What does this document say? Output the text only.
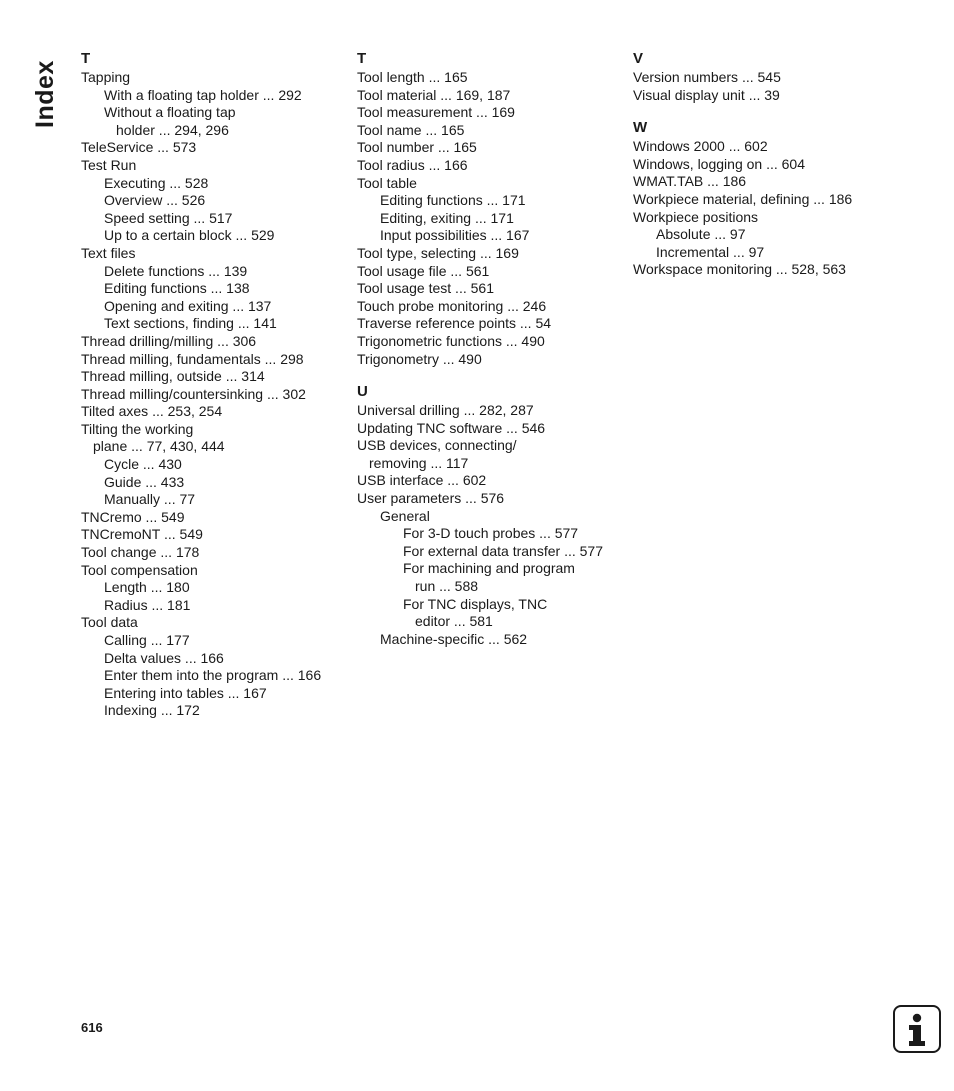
Index
T
Tapping
With a floating tap holder ... 292
Without a floating tap
holder ... 294, 296
TeleService ... 573
Test Run
Executing ... 528
Overview ... 526
Speed setting ... 517
Up to a certain block ... 529
Text files
Delete functions ... 139
Editing functions ... 138
Opening and exiting ... 137
Text sections, finding ... 141
Thread drilling/milling ... 306
Thread milling, fundamentals ... 298
Thread milling, outside ... 314
Thread milling/countersinking ... 302
Tilted axes ... 253, 254
Tilting the working
plane ... 77, 430, 444
Cycle ... 430
Guide ... 433
Manually ... 77
TNCremo ... 549
TNCremoNT ... 549
Tool change ... 178
Tool compensation
Length ... 180
Radius ... 181
Tool data
Calling ... 177
Delta values ... 166
Enter them into the program ... 166
Entering into tables ... 167
Indexing ... 172
T
Tool length ... 165
Tool material ... 169, 187
Tool measurement ... 169
Tool name ... 165
Tool number ... 165
Tool radius ... 166
Tool table
Editing functions ... 171
Editing, exiting ... 171
Input possibilities ... 167
Tool type, selecting ... 169
Tool usage file ... 561
Tool usage test ... 561
Touch probe monitoring ... 246
Traverse reference points ... 54
Trigonometric functions ... 490
Trigonometry ... 490
U
Universal drilling ... 282, 287
Updating TNC software ... 546
USB devices, connecting/
removing ... 117
USB interface ... 602
User parameters ... 576
General
For 3-D touch probes ... 577
For external data transfer ... 577
For machining and program
run ... 588
For TNC displays, TNC
editor ... 581
Machine-specific ... 562
V
Version numbers ... 545
Visual display unit ... 39
W
Windows 2000 ... 602
Windows, logging on ... 604
WMAT.TAB ... 186
Workpiece material, defining ... 186
Workpiece positions
Absolute ... 97
Incremental ... 97
Workspace monitoring ... 528, 563
616
